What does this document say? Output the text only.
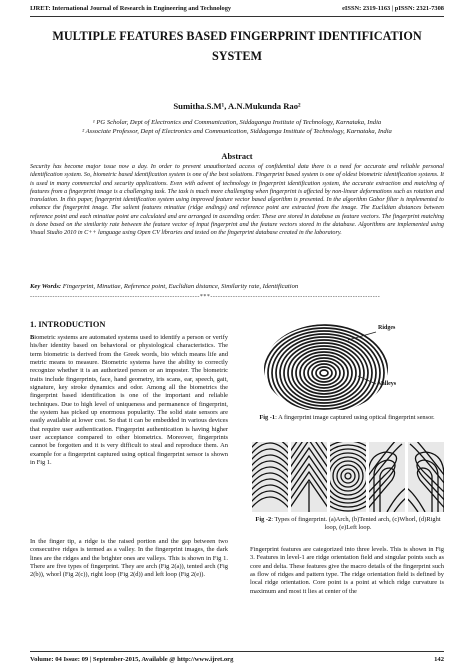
IJRET: International Journal of Research in Engineering and Technology	eISSN: 2319-1163 | pISSN: 2321-7308
MULTIPLE FEATURES BASED FINGERPRINT IDENTIFICATION SYSTEM
Sumitha.S.M¹, A.N.Mukunda Rao²
¹ PG Scholar, Dept of Electronics and Communication, Siddaganga Institute of Technology, Karnataka, India
² Associate Professor, Dept of Electronics and Communication, Siddaganga Institute of Technology, Karnataka, India
Abstract
Security has become major issue now a day. In order to prevent unauthorized access of confidential data there is a need for accurate and reliable personal identification system. So, biometric based identification system is one of the best solutions. Fingerprint based system is one of oldest biometric identification systems. It is used in many commercial and security applications. Even with advent of technology in fingerprint identification system, the accurate extraction and matching of features from a fingerprint image is a challenging task. The task is much more challenging when fingerprint is affected by non-linear deformations such as rotation and translation. In this paper, fingerprint identification system using improved feature vector based algorithm is presented. In the algorithm Gabor filter is implemented to enhance the fingerprint image. The salient features minutiae (ridge endings) and reference point are extracted from the image. The Euclidian distances between reference point and each minutiae point are calculated and are arranged in ascending order. These are stored in database as feature vectors. The fingerprint matching is done based on the similarity rate between the feature vector of input fingerprint and the feature vectors stored in the database. Algorithms are implemented using Visual Studio 2010 in C++ language using Open CV libraries and tested on the fingerprint database created in the laboratory.
Key Words: Fingerprint, Minutiae, Reference point, Euclidian distance, Similarity rate, Identification
--------------------------------------------------------------------***--------------------------------------------------------------------
1. INTRODUCTION
Biometric systems are automated systems used to identify a person or verify his/her identity based on behavioral or physiological characteristics. The term biometric is derived from the Greek words, bio which means life and metric means to measure. Biometric systems have the ability to correctly recognize whether it is an authorized person or an imposter. The biometric traits include fingerprints, face, hand geometry, iris scans, ear, speech, gait, signature, key stroke dynamics and odor. Among all the biometrics the fingerprint based identification is one of the important and reliable techniques. Due to high level of uniqueness and permanence of fingerprint, the system has picked up enormous popularity. The solid state sensors are easily available at lower cost. So that it can be embedded in various devices that require user authentication. Fingerprint authentication is having higher user acceptance compared to other biometrics. Moreover, fingerprints cannot be forgotten and it is very difficult to steal and reproduce them. An example for a fingerprint captured using optical fingerprint sensor is shown in Fig 1.
In the finger tip, a ridge is the raised portion and the gap between two consecutive ridges is termed as a valley. In the fingerprint images, the dark lines are the ridges and the brighter ones are valleys. This is shown in Fig 1. There are five types of fingerprint. They are arch (Fig 2(a)), tented arch (Fig 2(b)), whorl (Fig 2(c)), right loop (Fig 2(d)) and left loop (Fig 2(e)).
Ridges
Valleys
Fig -1: A fingerprint image captured using optical fingerprint sensor.
Fig -2: Types of fingerprint. (a)Arch, (b)Tented arch, (c)Whorl, (d)Right loop, (e)Left loop.
Fingerprint features are categorized into three levels. This is shown in Fig 3. Features in level-1 are ridge orientation field and singular points such as core and delta. These features give the macro details of the fingerprint such as flow of ridges and pattern type. The ridge orientation field is defined by local ridge orientation. Core point is a point at which ridge curvature is maximum and most it lies at center of the
Volume: 04 Issue: 09 | September-2015, Available @ http://www.ijret.org	142
